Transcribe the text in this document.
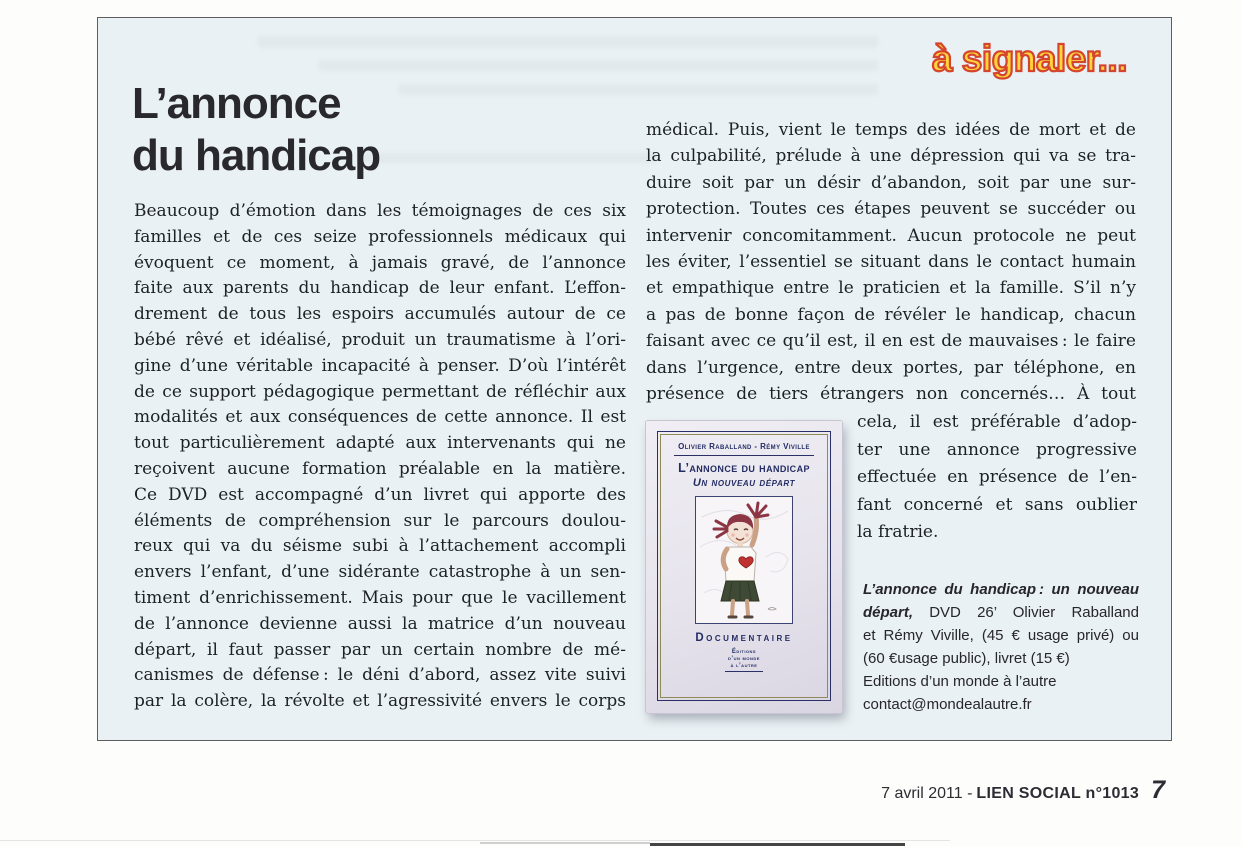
à signaler...
L’annonce
du handicap
Beaucoup d’émotion dans les témoignages de ces six
familles et de ces seize professionnels médicaux qui
évoquent ce moment, à jamais gravé, de l’annonce
faite aux parents du handicap de leur enfant. L’effon-
drement de tous les espoirs accumulés autour de ce
bébé rêvé et idéalisé, produit un traumatisme à l’ori-
gine d’une véritable incapacité à penser. D’où l’intérêt
de ce support pédagogique permettant de réfléchir aux
modalités et aux conséquences de cette annonce. Il est
tout particulièrement adapté aux intervenants qui ne
reçoivent aucune formation préalable en la matière.
Ce DVD est accompagné d’un livret qui apporte des
éléments de compréhension sur le parcours doulou-
reux qui va du séisme subi à l’attachement accompli
envers l’enfant, d’une sidérante catastrophe à un sen-
timent d’enrichissement. Mais pour que le vacillement
de l’annonce devienne aussi la matrice d’un nouveau
départ, il faut passer par un certain nombre de mé-
canismes de défense : le déni d’abord, assez vite suivi
par la colère, la révolte et l’agressivité envers le corps
médical. Puis, vient le temps des idées de mort et de
la culpabilité, prélude à une dépression qui va se tra-
duire soit par un désir d’abandon, soit par une sur-
protection. Toutes ces étapes peuvent se succéder ou
intervenir concomitamment. Aucun protocole ne peut
les éviter, l’essentiel se situant dans le contact humain
et empathique entre le praticien et la famille. S’il n’y
a pas de bonne façon de révéler le handicap, chacun
faisant avec ce qu’il est, il en est de mauvaises : le faire
dans l’urgence, entre deux portes, par téléphone, en
présence de tiers étrangers non concernés… À tout
cela, il est préférable d’adop-
ter une annonce progressive
effectuée en présence de l’en-
fant concerné et sans oublier
la fratrie.
Olivier Raballand - Rémy Viville
L’annonce du handicap
Un nouveau départ
Documentaire
Éditions
d’un monde
à l’autre
L’annonce du handicap : un nouveau
départ, DVD 26’ Olivier Raballand
et Rémy Viville, (45 € usage privé) ou
(60 €usage public), livret (15 €)
Editions d’un monde à l’autre
contact@mondealautre.fr
7 avril 2011 - LIEN SOCIAL n°1013 7
